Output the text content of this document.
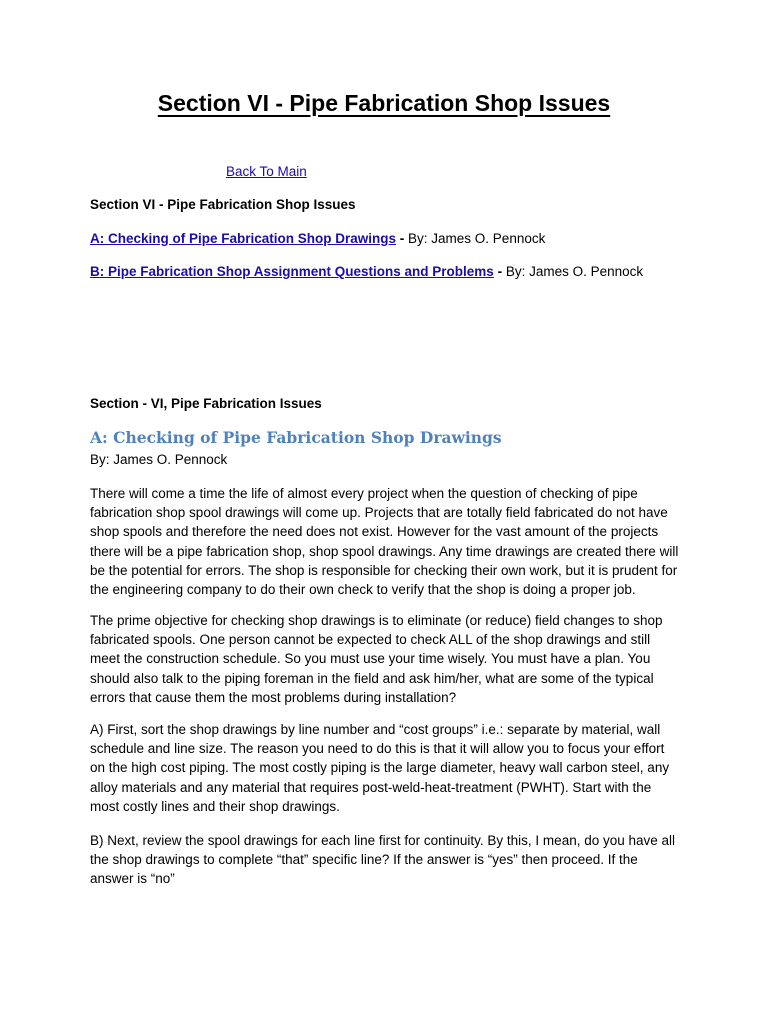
Section VI - Pipe Fabrication Shop Issues
Back To Main
Section VI - Pipe Fabrication Shop Issues
A: Checking of Pipe Fabrication Shop Drawings - By: James O. Pennock
B: Pipe Fabrication Shop Assignment Questions and Problems - By: James O. Pennock
Section - VI, Pipe Fabrication Issues
A: Checking of Pipe Fabrication Shop Drawings
By: James O. Pennock

There will come a time the life of almost every project when the question of checking of pipe fabrication shop spool drawings will come up. Projects that are totally field fabricated do not have shop spools and therefore the need does not exist. However for the vast amount of the projects there will be a pipe fabrication shop, shop spool drawings. Any time drawings are created there will be the potential for errors. The shop is responsible for checking their own work, but it is prudent for the engineering company to do their own check to verify that the shop is doing a proper job.

The prime objective for checking shop drawings is to eliminate (or reduce) field changes to shop fabricated spools. One person cannot be expected to check ALL of the shop drawings and still meet the construction schedule. So you must use your time wisely. You must have a plan. You should also talk to the piping foreman in the field and ask him/her, what are some of the typical errors that cause them the most problems during installation?

A) First, sort the shop drawings by line number and “cost groups” i.e.: separate by material, wall schedule and line size. The reason you need to do this is that it will allow you to focus your effort on the high cost piping. The most costly piping is the large diameter, heavy wall carbon steel, any alloy materials and any material that requires post-weld-heat-treatment (PWHT). Start with the most costly lines and their shop drawings.

B) Next, review the spool drawings for each line first for continuity. By this, I mean, do you have all the shop drawings to complete “that” specific line? If the answer is “yes” then proceed. If the answer is “no”
